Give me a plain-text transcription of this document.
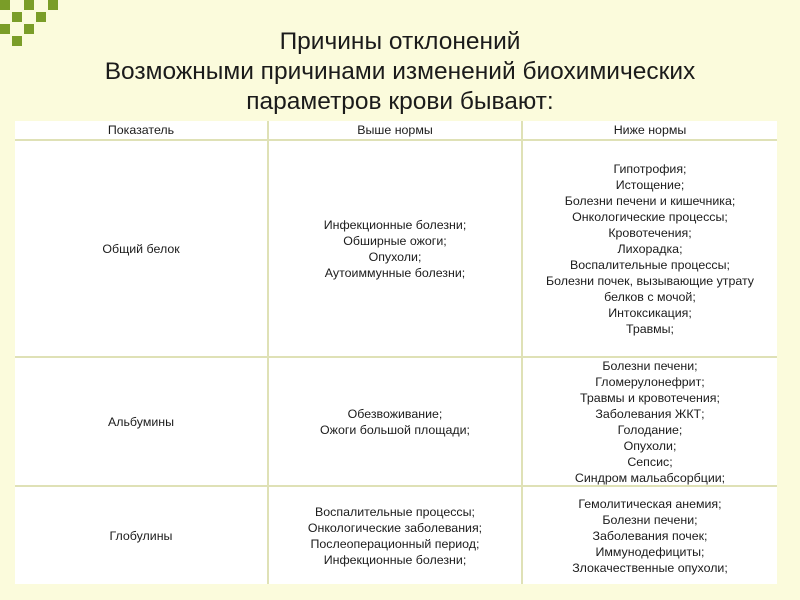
Причины отклонений
Возможными причинами изменений биохимических
параметров крови бывают:
Показатель	Выше нормы	Ниже нормы
Общий белок
Инфекционные болезни;
Обширные ожоги;
Опухоли;
Аутоиммунные болезни;
Гипотрофия;
Истощение;
Болезни печени и кишечника;
Онкологические процессы;
Кровотечения;
Лихорадка;
Воспалительные процессы;
Болезни почек, вызывающие утрату
белков с мочой;
Интоксикация;
Травмы;
Альбумины
Обезвоживание;
Ожоги большой площади;
Болезни печени;
Гломерулонефрит;
Травмы и кровотечения;
Заболевания ЖКТ;
Голодание;
Опухоли;
Сепсис;
Синдром мальабсорбции;
Глобулины
Воспалительные процессы;
Онкологические заболевания;
Послеоперационный период;
Инфекционные болезни;
Гемолитическая анемия;
Болезни печени;
Заболевания почек;
Иммунодефициты;
Злокачественные опухоли;
